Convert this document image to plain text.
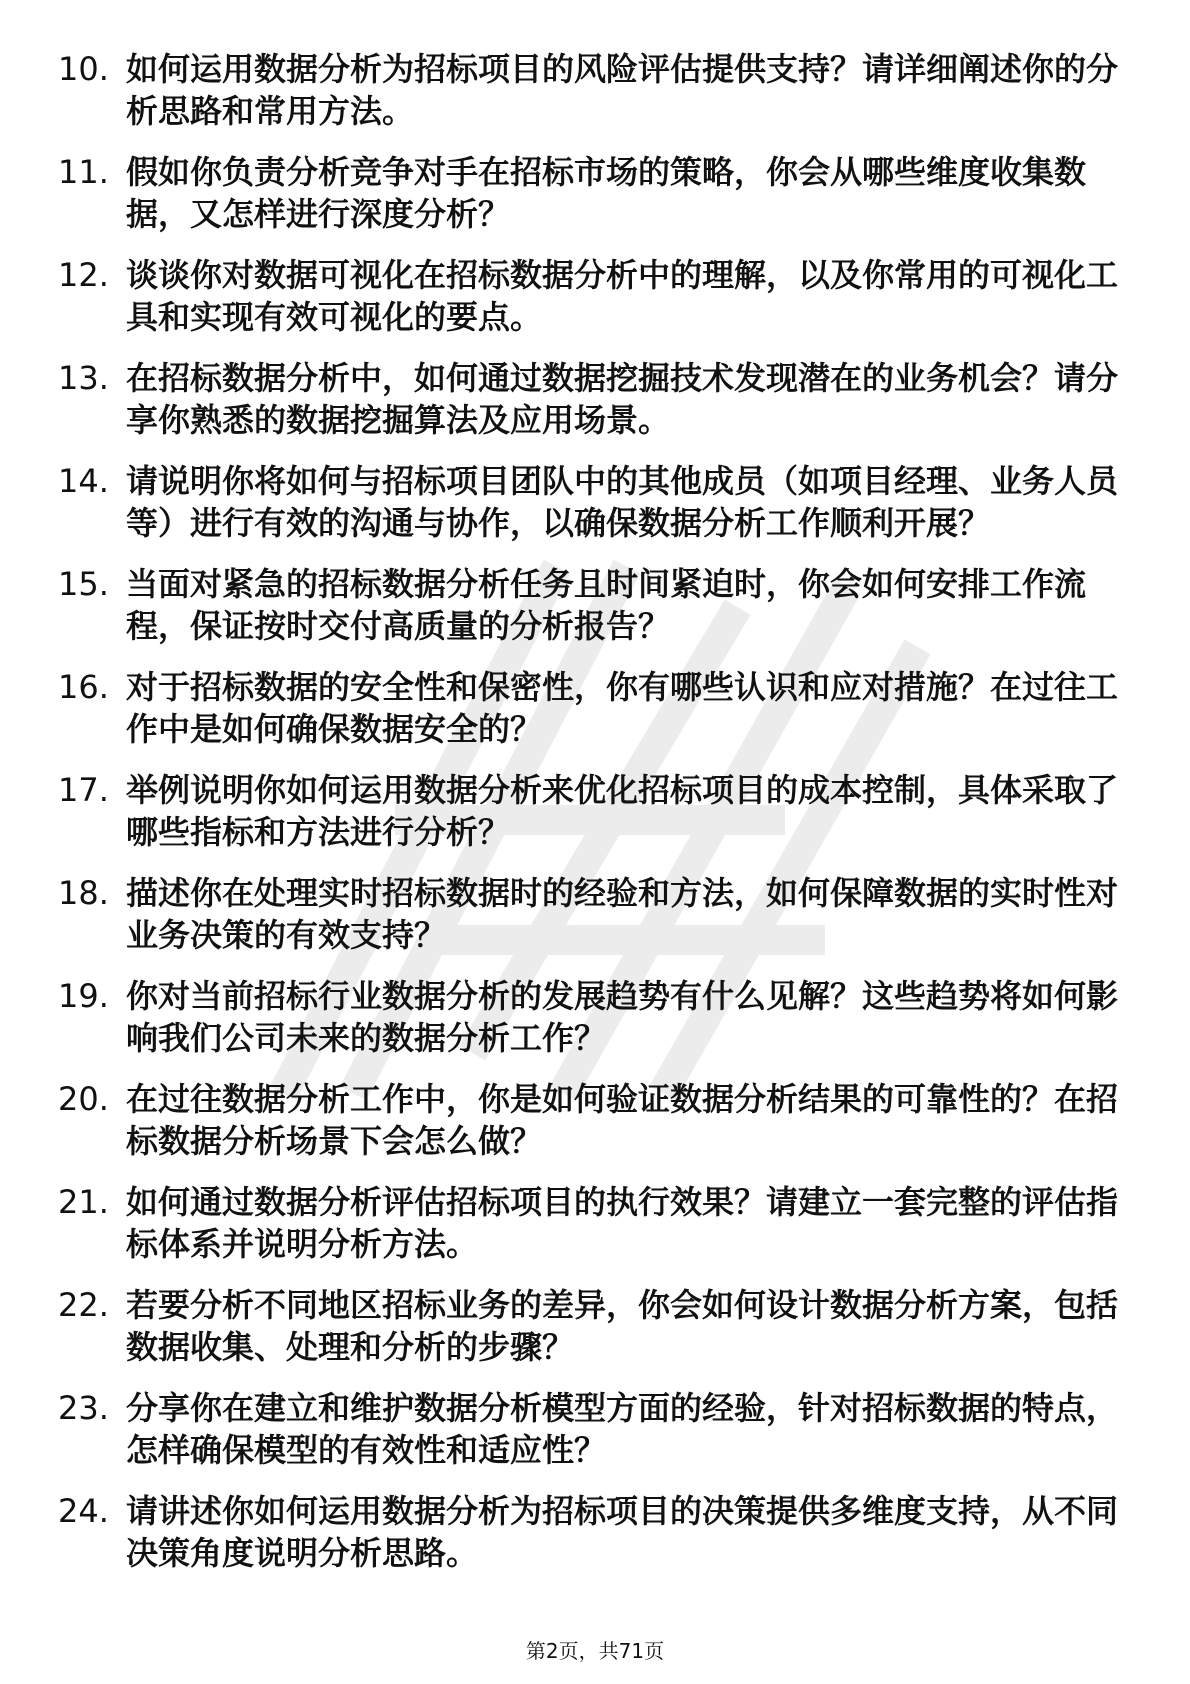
10. 如何运用数据分析为招标项目的风险评估提供支持？请详细阐述你的分析思路和常用方法。
11. 假如你负责分析竞争对手在招标市场的策略，你会从哪些维度收集数据，又怎样进行深度分析？
12. 谈谈你对数据可视化在招标数据分析中的理解，以及你常用的可视化工具和实现有效可视化的要点。
13. 在招标数据分析中，如何通过数据挖掘技术发现潜在的业务机会？请分享你熟悉的数据挖掘算法及应用场景。
14. 请说明你将如何与招标项目团队中的其他成员（如项目经理、业务人员等）进行有效的沟通与协作，以确保数据分析工作顺利开展？
15. 当面对紧急的招标数据分析任务且时间紧迫时，你会如何安排工作流程，保证按时交付高质量的分析报告？
16. 对于招标数据的安全性和保密性，你有哪些认识和应对措施？在过往工作中是如何确保数据安全的？
17. 举例说明你如何运用数据分析来优化招标项目的成本控制，具体采取了哪些指标和方法进行分析？
18. 描述你在处理实时招标数据时的经验和方法，如何保障数据的实时性对业务决策的有效支持？
19. 你对当前招标行业数据分析的发展趋势有什么见解？这些趋势将如何影响我们公司未来的数据分析工作？
20. 在过往数据分析工作中，你是如何验证数据分析结果的可靠性的？在招标数据分析场景下会怎么做？
21. 如何通过数据分析评估招标项目的执行效果？请建立一套完整的评估指标体系并说明分析方法。
22. 若要分析不同地区招标业务的差异，你会如何设计数据分析方案，包括数据收集、处理和分析的步骤？
23. 分享你在建立和维护数据分析模型方面的经验，针对招标数据的特点，怎样确保模型的有效性和适应性？
24. 请讲述你如何运用数据分析为招标项目的决策提供多维度支持，从不同决策角度说明分析思路。
第2页，共71页
